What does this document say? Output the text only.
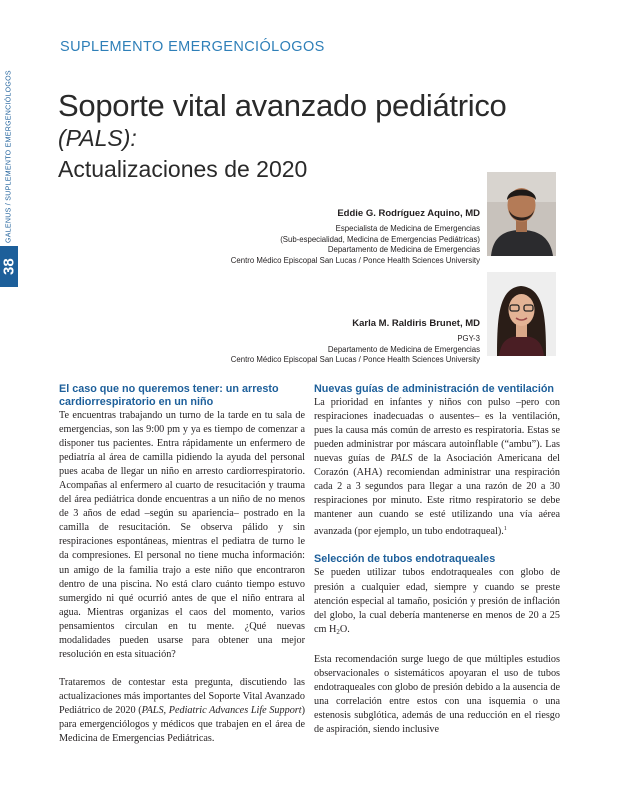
SUPLEMENTO EMERGENCIÓLOGOS
38
GALENUS / SUPLEMENTO EMERGENCIÓLOGOS Soporte vital avanzado pediátrico
(PALS):
Actualizaciones de 2020
Eddie G. Rodríguez Aquino, MD
Especialista de Medicina de Emergencias
(Sub-especialidad, Medicina de Emergencias Pediátricas)
Departamento de Medicina de Emergencias
Centro Médico Episcopal San Lucas / Ponce Health Sciences University
Karla M. Raldiris Brunet, MD
PGY-3
Departamento de Medicina de Emergencias
Centro Médico Episcopal San Lucas / Ponce Health Sciences University
El caso que no queremos tener: un arresto cardiorrespiratorio en un niño

Te encuentras trabajando un turno de la tarde en tu sala de emergencias, son las 9:00 pm y ya es tiempo de comenzar a disponer tus pacientes. Entra rápidamente un enfermero de pediatría al área de camilla pidiendo la ayuda del personal pues acaba de llegar un niño en arresto cardiorrespiratorio. Acompañas al enfermero al cuarto de resucitación y trauma del área pediátrica donde encuentras a un niño de no menos de 3 años de edad –según su apariencia– postrado en la camilla de resucitación. Se observa pálido y sin respiraciones espontáneas, mientras el pediatra de turno le da compresiones. El personal no tiene mucha información: un amigo de la familia trajo a este niño que encontraron dentro de una piscina. No está claro cuánto tiempo estuvo sumergido ni qué ocurrió antes de que el niño entrara al agua. Mientras organizas el caos del momento, varios pensamientos circulan en tu mente. ¿Qué nuevas modalidades pueden usarse para obtener una mejor resolución en esta situación?

Trataremos de contestar esta pregunta, discutiendo las actualizaciones más importantes del Soporte Vital Avanzado Pediátrico de 2020 (PALS, Pediatric Advances Life Support) para emergenciólogos y médicos que trabajen en el área de Medicina de Emergencias Pediátricas.

Nuevas guías de administración de ventilación

La prioridad en infantes y niños con pulso –pero con respiraciones inadecuadas o ausentes– es la ventilación, pues la causa más común de arresto es respiratoria. Estas se pueden administrar por máscara autoinflable (“ambu”). Las nuevas guías de PALS de la Asociación Americana del Corazón (AHA) recomiendan administrar una respiración cada 2 a 3 segundos para llegar a una razón de 20 a 30 respiraciones por minuto. Este ritmo respiratorio se debe mantener aun cuando se esté utilizando una vía aérea avanzada (por ejemplo, un tubo endotraqueal).$^1$

Selección de tubos endotraqueales

Se pueden utilizar tubos endotraqueales con globo de presión a cualquier edad, siempre y cuando se preste atención especial al tamaño, posición y presión de inflación del globo, la cual debería mantenerse en menos de 20 a 25 cm $H_2O$.

Esta recomendación surge luego de que múltiples estudios observacionales o sistemáticos apoyaran el uso de tubos endotraqueales con globo de presión debido a la ausencia de una correlación entre estos con una isquemia o una estenosis subglótica, además de una reducción en el riesgo de aspiración, siendo inclusive
